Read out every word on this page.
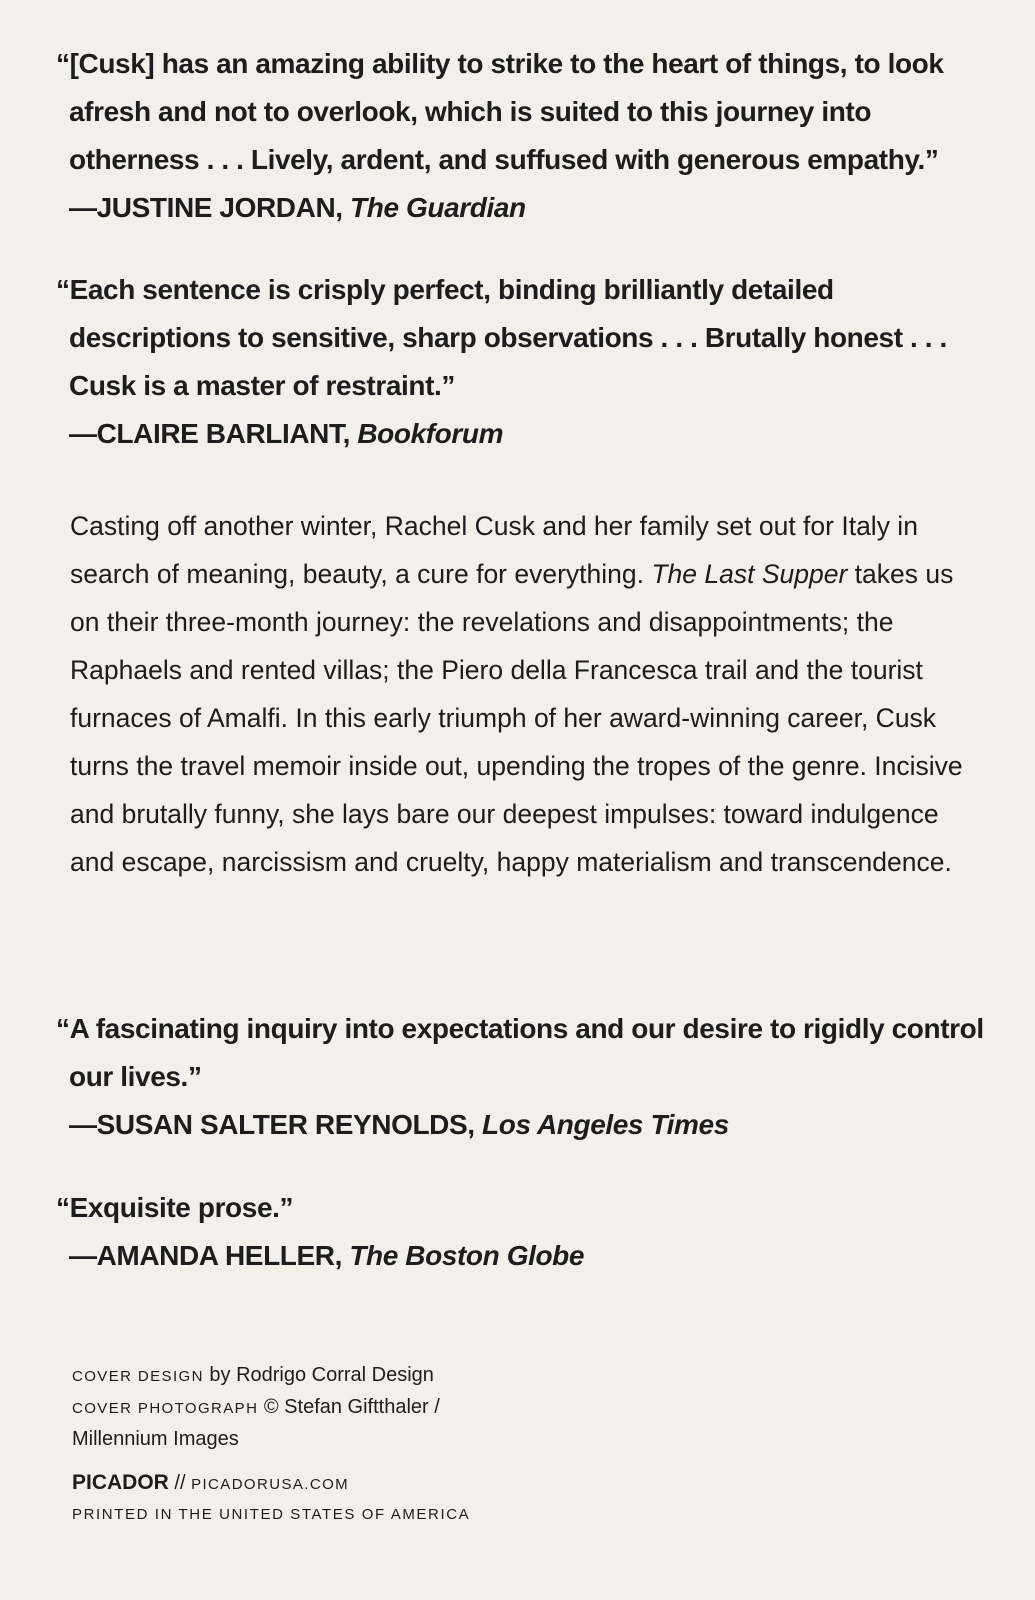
“[Cusk] has an amazing ability to strike to the heart of things, to look afresh and not to overlook, which is suited to this journey into otherness . . . Lively, ardent, and suffused with generous empathy.”
—JUSTINE JORDAN, The Guardian
“Each sentence is crisply perfect, binding brilliantly detailed descriptions to sensitive, sharp observations . . . Brutally honest . . . Cusk is a master of restraint.”
—CLAIRE BARLIANT, Bookforum
Casting off another winter, Rachel Cusk and her family set out for Italy in search of meaning, beauty, a cure for everything. The Last Supper takes us on their three-month journey: the revelations and disappointments; the Raphaels and rented villas; the Piero della Francesca trail and the tourist furnaces of Amalfi. In this early triumph of her award-winning career, Cusk turns the travel memoir inside out, upending the tropes of the genre. Incisive and brutally funny, she lays bare our deepest impulses: toward indulgence and escape, narcissism and cruelty, happy materialism and transcendence.
“A fascinating inquiry into expectations and our desire to rigidly control our lives.”
—SUSAN SALTER REYNOLDS, Los Angeles Times
“Exquisite prose.”
—AMANDA HELLER, The Boston Globe
COVER DESIGN by Rodrigo Corral Design
COVER PHOTOGRAPH © Stefan Giftthaler / Millennium Images
PICADOR // PICADORUSA.COM
PRINTED IN THE UNITED STATES OF AMERICA
